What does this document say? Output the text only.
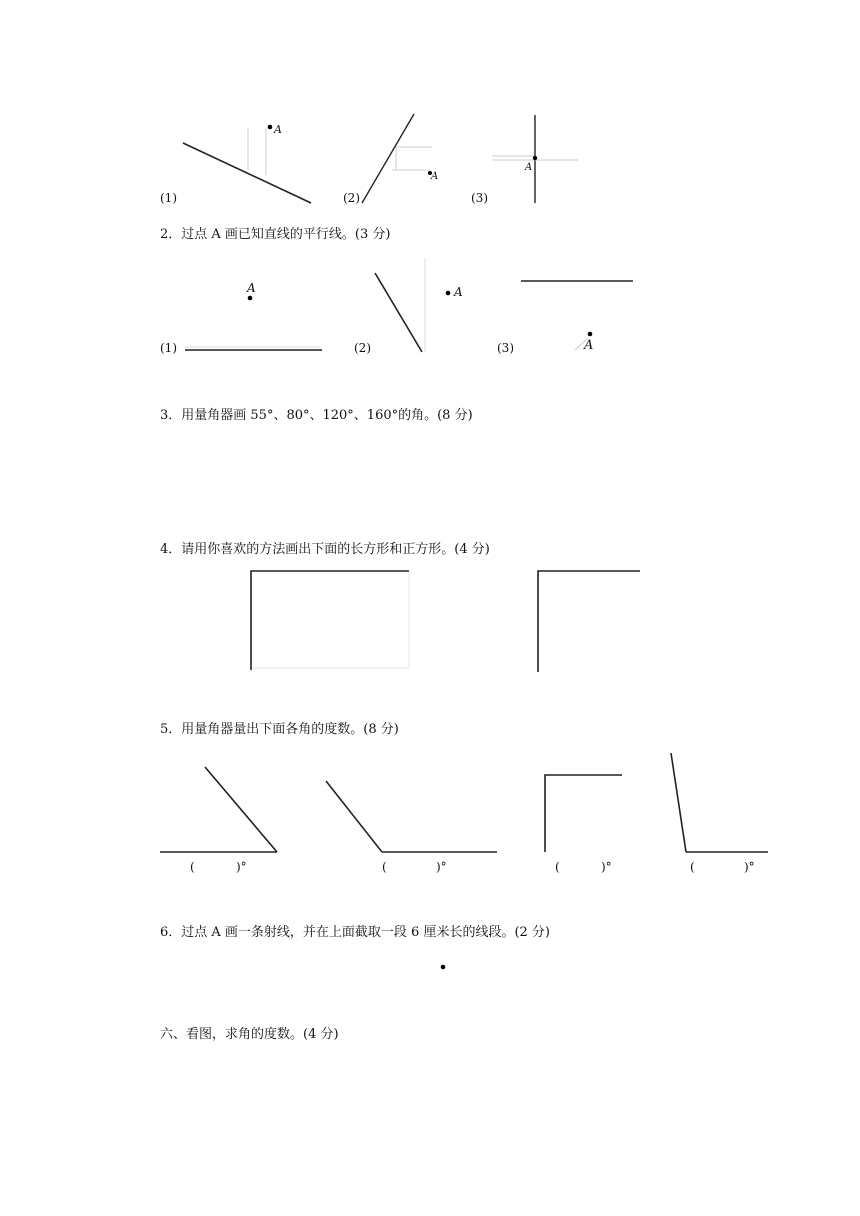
(1)	(2)	(3)
A
A
A
2．过点 A 画已知直线的平行线。(3 分)
A	A
A
(1)	(2)	(3)
3．用量角器画 55°、80°、120°、160°的角。(8 分)
4．请用你喜欢的方法画出下面的长方形和正方形。(4 分)
5．用量角器量出下面各角的度数。(8 分)
(	)°	(	)°	(	)°	(	)°
6．过点 A 画一条射线，并在上面截取一段 6 厘米长的线段。(2 分)
六、看图，求角的度数。(4 分)
